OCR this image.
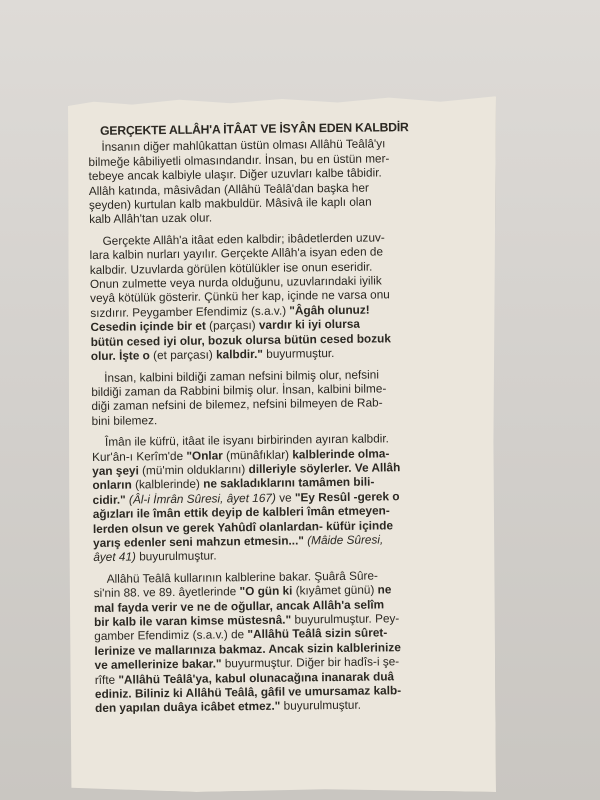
GERÇEKTE ALLÂH'A İTÂAT VE İSYÂN EDEN KALBDİR
İnsanın diğer mahlûkattan üstün olması Allâhü Teâlâ'yı
bilmeğe kâbiliyetli olmasındandır. İnsan, bu en üstün mer-
tebeye ancak kalbiyle ulaşır. Diğer uzuvları kalbe tâbidir.
Allâh katında, mâsivâdan (Allâhü Teâlâ'dan başka her
şeyden) kurtulan kalb makbuldür. Mâsivâ ile kaplı olan
kalb Allâh'tan uzak olur.
Gerçekte Allâh'a itâat eden kalbdir; ibâdetlerden uzuv-
lara kalbin nurları yayılır. Gerçekte Allâh'a isyan eden de
kalbdir. Uzuvlarda görülen kötülükler ise onun eseridir.
Onun zulmette veya nurda olduğunu, uzuvlarındaki iyilik
veyâ kötülük gösterir. Çünkü her kap, içinde ne varsa onu
sızdırır. Peygamber Efendimiz (s.a.v.) "Âgâh olunuz!
Cesedin içinde bir et (parçası) vardır ki iyi olursa
bütün cesed iyi olur, bozuk olursa bütün cesed bozuk
olur. İşte o (et parçası) kalbdir." buyurmuştur.
İnsan, kalbini bildiği zaman nefsini bilmiş olur, nefsini
bildiği zaman da Rabbini bilmiş olur. İnsan, kalbini bilme-
diği zaman nefsini de bilemez, nefsini bilmeyen de Rab-
bini bilemez.
Îmân ile küfrü, itâat ile isyanı birbirinden ayıran kalbdir.
Kur'ân-ı Kerîm'de "Onlar (münâfıklar) kalblerinde olma-
yan şeyi (mü'min olduklarını) dilleriyle söylerler. Ve Allâh
onların (kalblerinde) ne sakladıklarını tamâmen bili-
cidir." (Âl-i İmrân Sûresi, âyet 167) ve "Ey Resûl -gerek o
ağızları ile îmân ettik deyip de kalbleri îmân etmeyen-
lerden olsun ve gerek Yahûdî olanlardan- küfür içinde
yarış edenler seni mahzun etmesin..." (Mâide Sûresi,
âyet 41) buyurulmuştur.
Allâhü Teâlâ kullarının kalblerine bakar. Şuârâ Sûre-
si'nin 88. ve 89. âyetlerinde "O gün ki (kıyâmet günü) ne
mal fayda verir ve ne de oğullar, ancak Allâh'a selîm
bir kalb ile varan kimse müstesnâ." buyurulmuştur. Pey-
gamber Efendimiz (s.a.v.) de "Allâhü Teâlâ sizin sûret-
lerinize ve mallarınıza bakmaz. Ancak sizin kalblerinize
ve amellerinize bakar." buyurmuştur. Diğer bir hadîs-i şe-
rîfte "Allâhü Teâlâ'ya, kabul olunacağına inanarak duâ
ediniz. Biliniz ki Allâhü Teâlâ, gâfil ve umursamaz kalb-
den yapılan duâya icâbet etmez." buyurulmuştur.
